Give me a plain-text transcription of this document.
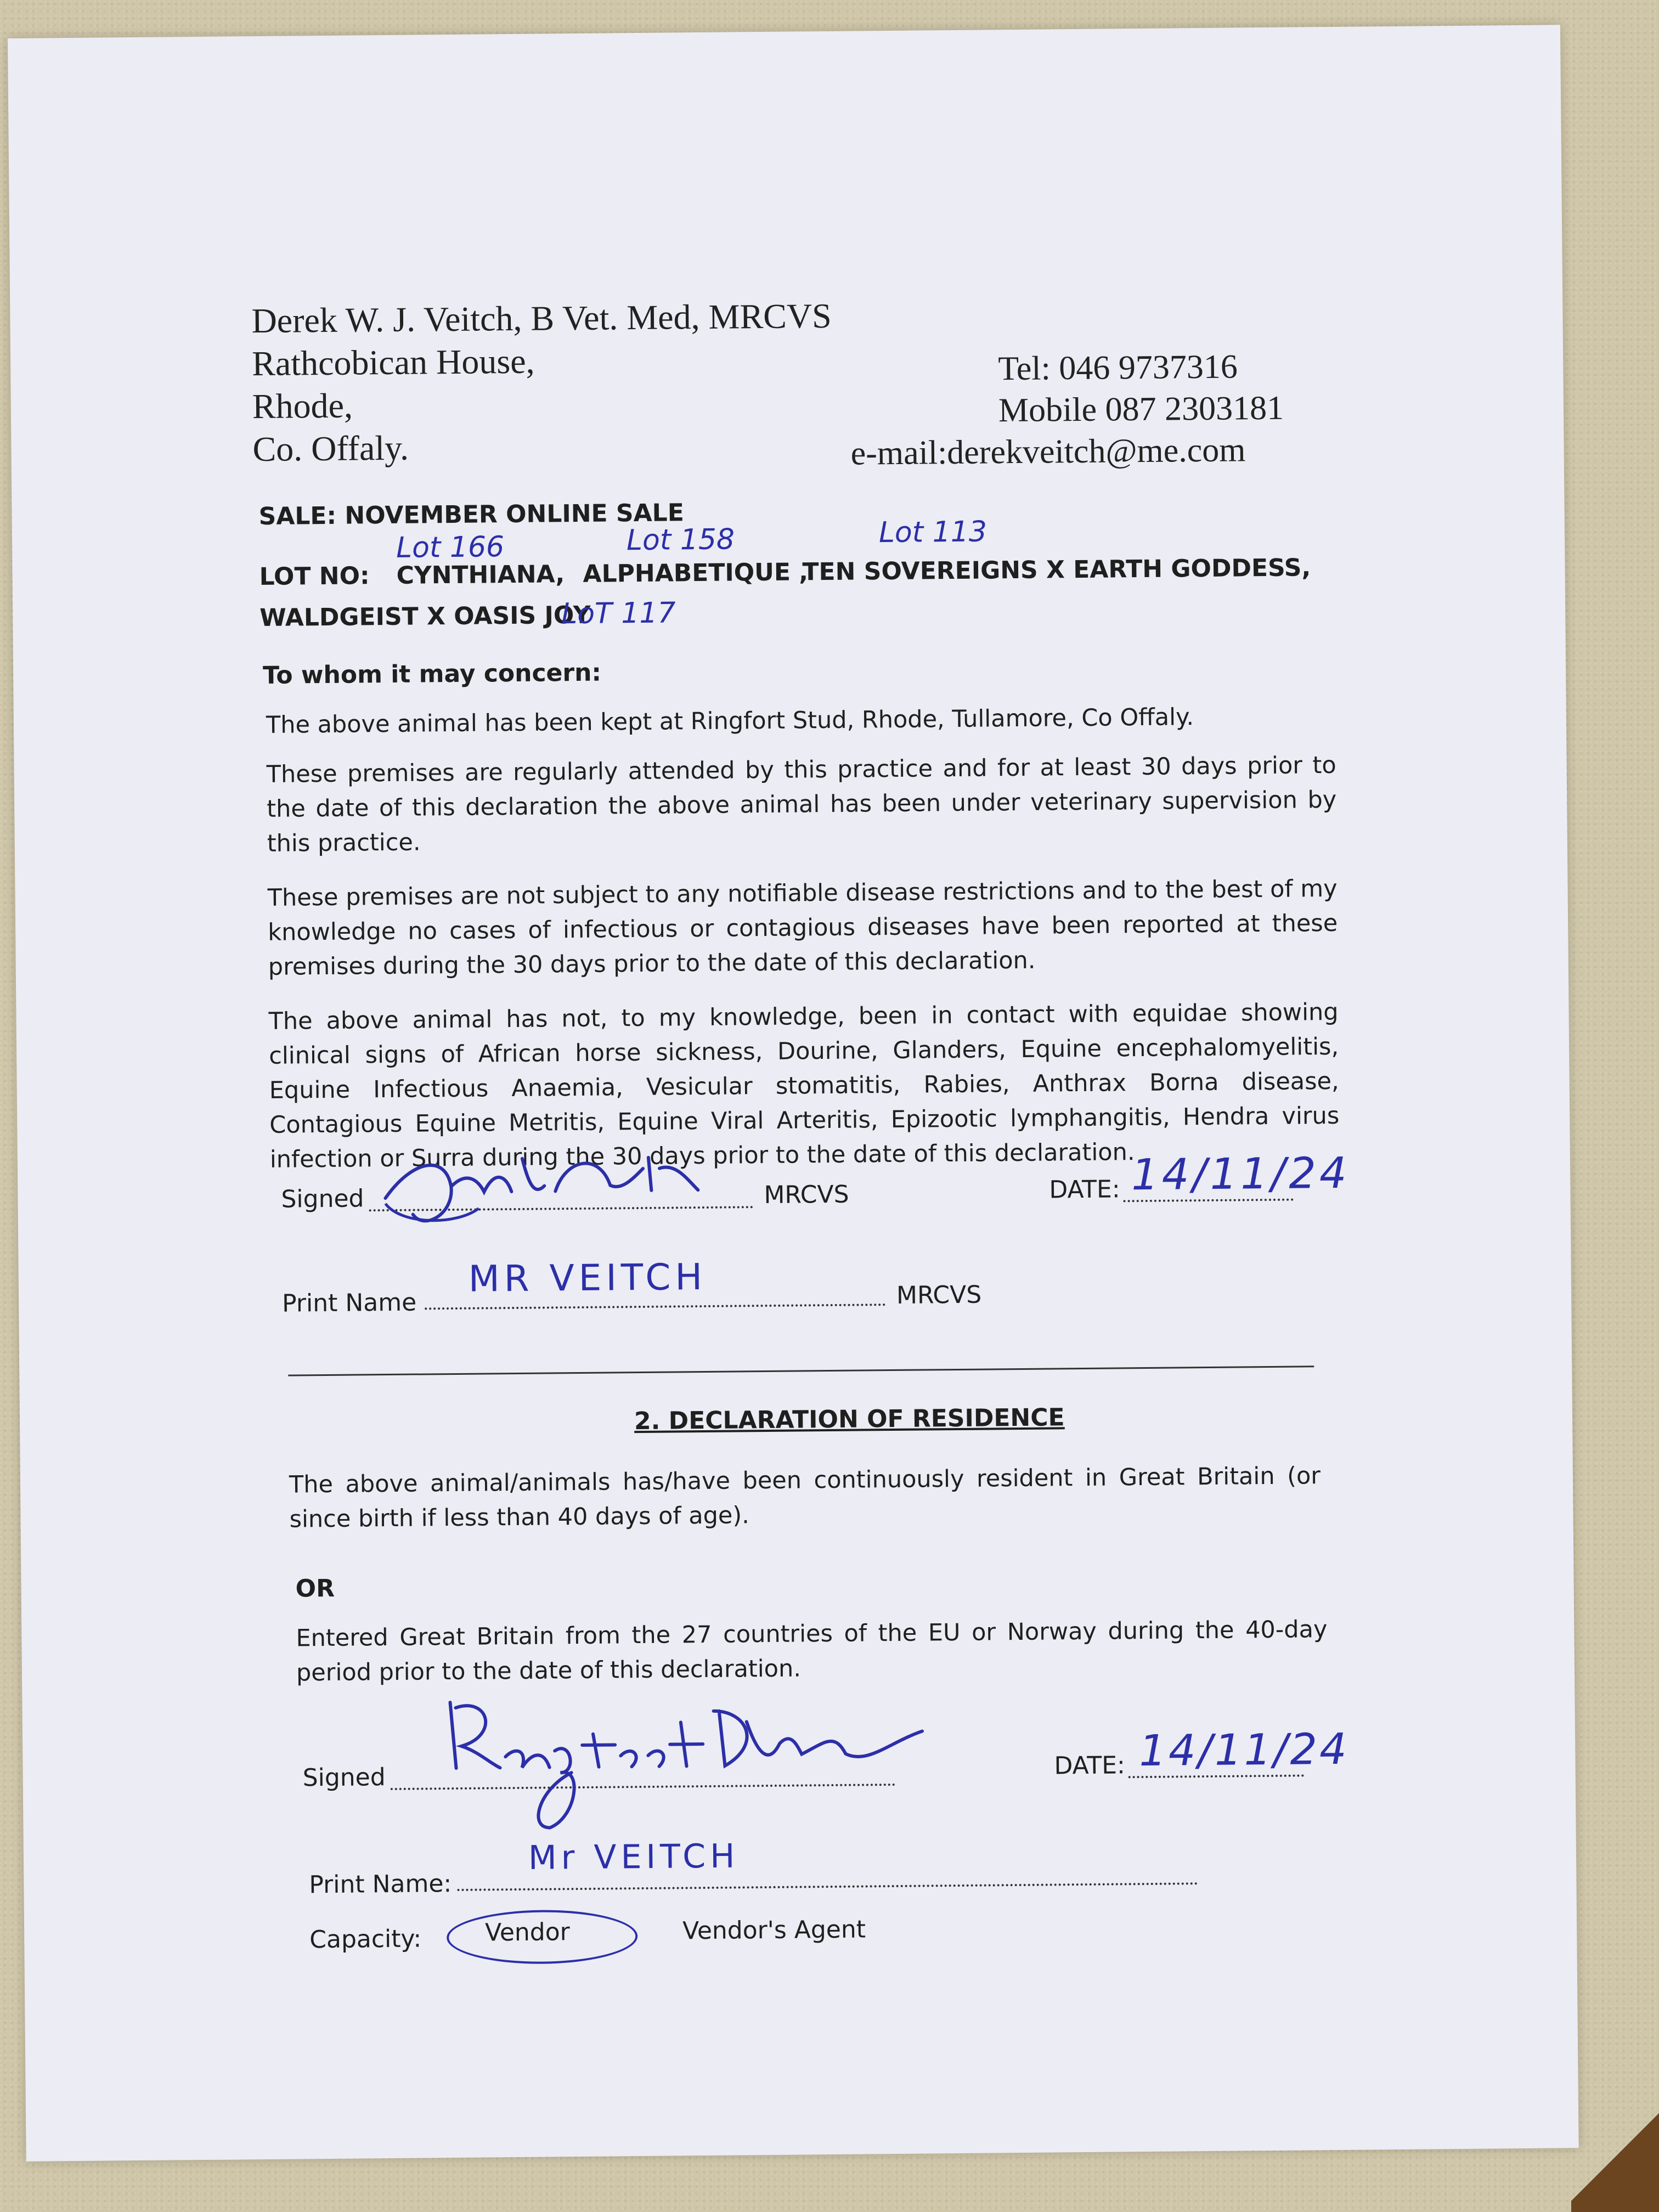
Derek W. J. Veitch, B Vet. Med, MRCVS
Rathcobican House,
Rhode,
Co. Offaly.
Tel: 046 9737316
Mobile 087 2303181
e-mail:derekveitch@me.com
SALE: NOVEMBER ONLINE SALE
Lot 166	Lot 158	Lot 113
LOT NO: CYNTHIANA, ALPHABETIQUE ,
TEN SOVEREIGNS X EARTH GODDESS,
WALDGEIST X OASIS JOY
LoT 117
To whom it may concern:
The above animal has been kept at Ringfort Stud, Rhode, Tullamore, Co Offaly.
These premises are regularly attended by this practice and for at least 30 days prior to the date of this declaration the above animal has been under veterinary supervision by this practice.
These premises are not subject to any notifiable disease restrictions and to the best of my knowledge no cases of infectious or contagious diseases have been reported at these premises during the 30 days prior to the date of this declaration.
The above animal has not, to my knowledge, been in contact with equidae showing clinical signs of African horse sickness, Dourine, Glanders, Equine encephalomyelitis, Equine Infectious Anaemia, Vesicular stomatitis, Rabies, Anthrax Borna disease, Contagious Equine Metritis, Equine Viral Arteritis, Epizootic lymphangitis, Hendra virus infection or Surra during the 30 days prior to the date of this declaration.
Signed	MRCVS	DATE: 14/11/24
Print Name
MR VEITCH	MRCVS
2. DECLARATION OF RESIDENCE
The above animal/animals has/have been continuously resident in Great Britain (or since birth if less than 40 days of age).
OR
Entered Great Britain from the 27 countries of the EU or Norway during the 40-day period prior to the date of this declaration.
Signed	DATE: 14/11/24
Print Name:
Mr VEITCH
Capacity:	Vendor	Vendor's Agent
